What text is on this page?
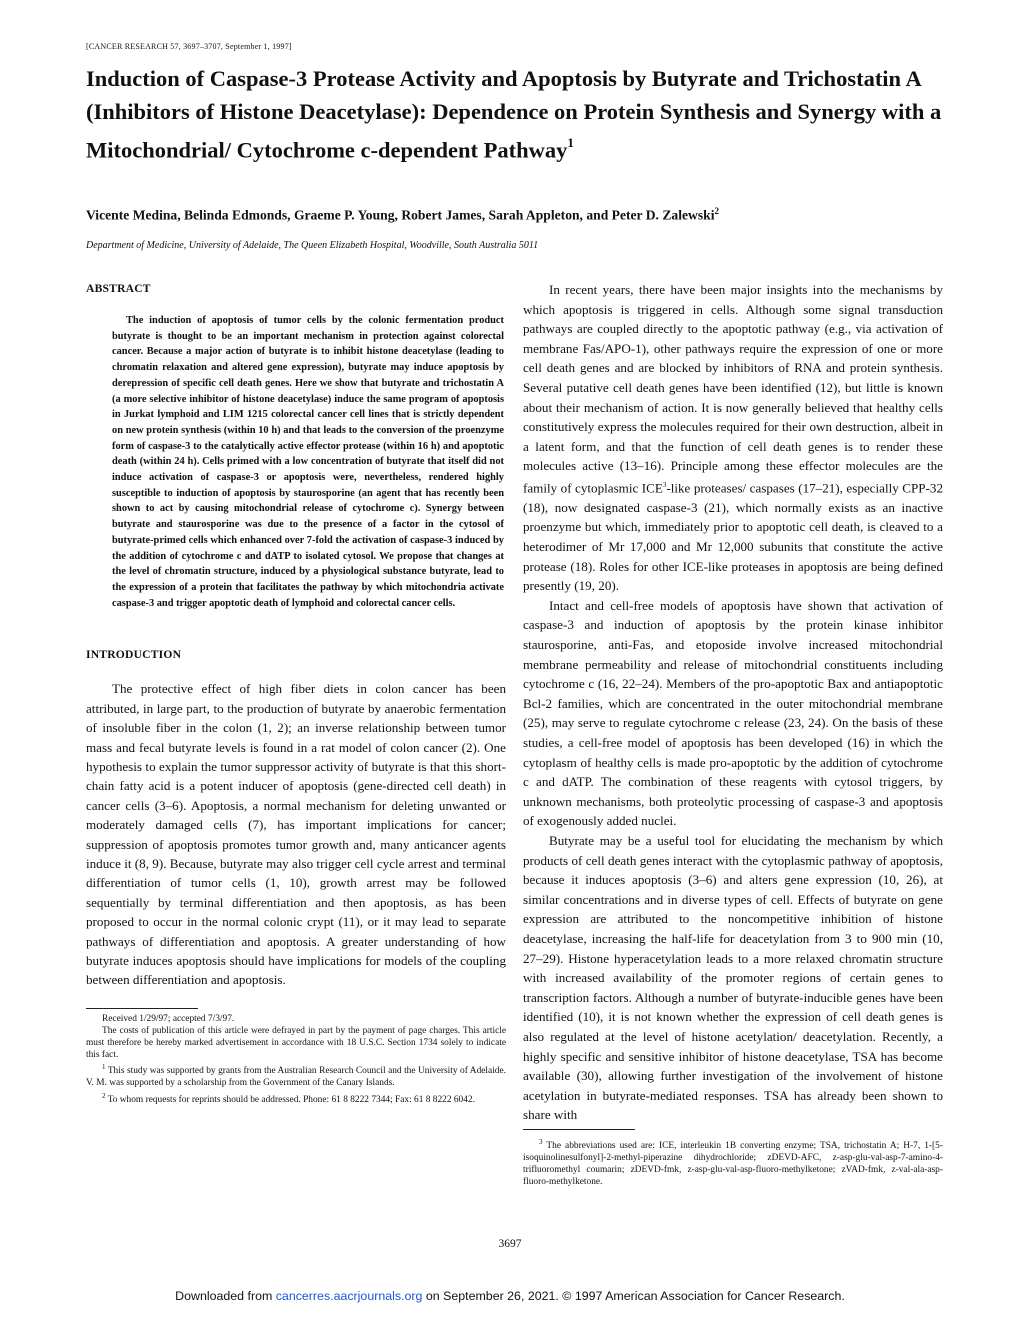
[CANCER RESEARCH 57, 3697–3707, September 1, 1997]
Induction of Caspase-3 Protease Activity and Apoptosis by Butyrate and Trichostatin A (Inhibitors of Histone Deacetylase): Dependence on Protein Synthesis and Synergy with a Mitochondrial/ Cytochrome c-dependent Pathway$^1$
Vicente Medina, Belinda Edmonds, Graeme P. Young, Robert James, Sarah Appleton, and Peter D. Zalewski$^2$
Department of Medicine, University of Adelaide, The Queen Elizabeth Hospital, Woodville, South Australia 5011
ABSTRACT
The induction of apoptosis of tumor cells by the colonic fermentation product butyrate is thought to be an important mechanism in protection against colorectal cancer. Because a major action of butyrate is to inhibit histone deacetylase (leading to chromatin relaxation and altered gene expression), butyrate may induce apoptosis by derepression of specific cell death genes. Here we show that butyrate and trichostatin A (a more selective inhibitor of histone deacetylase) induce the same program of apoptosis in Jurkat lymphoid and LIM 1215 colorectal cancer cell lines that is strictly dependent on new protein synthesis (within 10 h) and that leads to the conversion of the proenzyme form of caspase-3 to the catalytically active effector protease (within 16 h) and apoptotic death (within 24 h). Cells primed with a low concentration of butyrate that itself did not induce activation of caspase-3 or apoptosis were, nevertheless, rendered highly susceptible to induction of apoptosis by staurosporine (an agent that has recently been shown to act by causing mitochondrial release of cytochrome c). Synergy between butyrate and staurosporine was due to the presence of a factor in the cytosol of butyrate-primed cells which enhanced over 7-fold the activation of caspase-3 induced by the addition of cytochrome c and dATP to isolated cytosol. We propose that changes at the level of chromatin structure, induced by a physiological substance butyrate, lead to the expression of a protein that facilitates the pathway by which mitochondria activate caspase-3 and trigger apoptotic death of lymphoid and colorectal cancer cells.
INTRODUCTION
The protective effect of high fiber diets in colon cancer has been attributed, in large part, to the production of butyrate by anaerobic fermentation of insoluble fiber in the colon (1, 2); an inverse relationship between tumor mass and fecal butyrate levels is found in a rat model of colon cancer (2). One hypothesis to explain the tumor suppressor activity of butyrate is that this short-chain fatty acid is a potent inducer of apoptosis (gene-directed cell death) in cancer cells (3–6). Apoptosis, a normal mechanism for deleting unwanted or moderately damaged cells (7), has important implications for cancer; suppression of apoptosis promotes tumor growth and, many anticancer agents induce it (8, 9). Because, butyrate may also trigger cell cycle arrest and terminal differentiation of tumor cells (1, 10), growth arrest may be followed sequentially by terminal differentiation and then apoptosis, as has been proposed to occur in the normal colonic crypt (11), or it may lead to separate pathways of differentiation and apoptosis. A greater understanding of how butyrate induces apoptosis should have implications for models of the coupling between differentiation and apoptosis.
Received 1/29/97; accepted 7/3/97.
The costs of publication of this article were defrayed in part by the payment of page charges. This article must therefore be hereby marked advertisement in accordance with 18 U.S.C. Section 1734 solely to indicate this fact.
$^1$ This study was supported by grants from the Australian Research Council and the University of Adelaide. V. M. was supported by a scholarship from the Government of the Canary Islands.
$^2$ To whom requests for reprints should be addressed. Phone: 61 8 8222 7344; Fax: 61 8 8222 6042.

In recent years, there have been major insights into the mechanisms by which apoptosis is triggered in cells. Although some signal transduction pathways are coupled directly to the apoptotic pathway (e.g., via activation of membrane Fas/APO-1), other pathways require the expression of one or more cell death genes and are blocked by inhibitors of RNA and protein synthesis. Several putative cell death genes have been identified (12), but little is known about their mechanism of action. It is now generally believed that healthy cells constitutively express the molecules required for their own destruction, albeit in a latent form, and that the function of cell death genes is to render these molecules active (13–16). Principle among these effector molecules are the family of cytoplasmic ICE$^3$-like proteases/ caspases (17–21), especially CPP-32 (18), now designated caspase-3 (21), which normally exists as an inactive proenzyme but which, immediately prior to apoptotic cell death, is cleaved to a heterodimer of Mr 17,000 and Mr 12,000 subunits that constitute the active protease (18). Roles for other ICE-like proteases in apoptosis are being defined presently (19, 20).

Intact and cell-free models of apoptosis have shown that activation of caspase-3 and induction of apoptosis by the protein kinase inhibitor staurosporine, anti-Fas, and etoposide involve increased mitochondrial membrane permeability and release of mitochondrial constituents including cytochrome c (16, 22–24). Members of the pro-apoptotic Bax and antiapoptotic Bcl-2 families, which are concentrated in the outer mitochondrial membrane (25), may serve to regulate cytochrome c release (23, 24). On the basis of these studies, a cell-free model of apoptosis has been developed (16) in which the cytoplasm of healthy cells is made pro-apoptotic by the addition of cytochrome c and dATP. The combination of these reagents with cytosol triggers, by unknown mechanisms, both proteolytic processing of caspase-3 and apoptosis of exogenously added nuclei.

Butyrate may be a useful tool for elucidating the mechanism by which products of cell death genes interact with the cytoplasmic pathway of apoptosis, because it induces apoptosis (3–6) and alters gene expression (10, 26), at similar concentrations and in diverse types of cell. Effects of butyrate on gene expression are attributed to the noncompetitive inhibition of histone deacetylase, increasing the half-life for deacetylation from 3 to 900 min (10, 27–29). Histone hyperacetylation leads to a more relaxed chromatin structure with increased availability of the promoter regions of certain genes to transcription factors. Although a number of butyrate-inducible genes have been identified (10), it is not known whether the expression of cell death genes is also regulated at the level of histone acetylation/ deacetylation. Recently, a highly specific and sensitive inhibitor of histone deacetylase, TSA has become available (30), allowing further investigation of the involvement of histone acetylation in butyrate-mediated responses. TSA has already been shown to share with

$^3$ The abbreviations used are: ICE, interleukin 1B converting enzyme; TSA, trichostatin A; H-7, 1-[5-isoquinolinesulfonyl]-2-methyl-piperazine dihydrochloride; zDEVD-AFC, z-asp-glu-val-asp-7-amino-4-trifluoromethyl coumarin; zDEVD-fmk, z-asp-glu-val-asp-fluoro-methylketone; zVAD-fmk, z-val-ala-asp-fluoro-methylketone.
3697
Downloaded from cancerres.aacrjournals.org on September 26, 2021. © 1997 American Association for Cancer Research.
